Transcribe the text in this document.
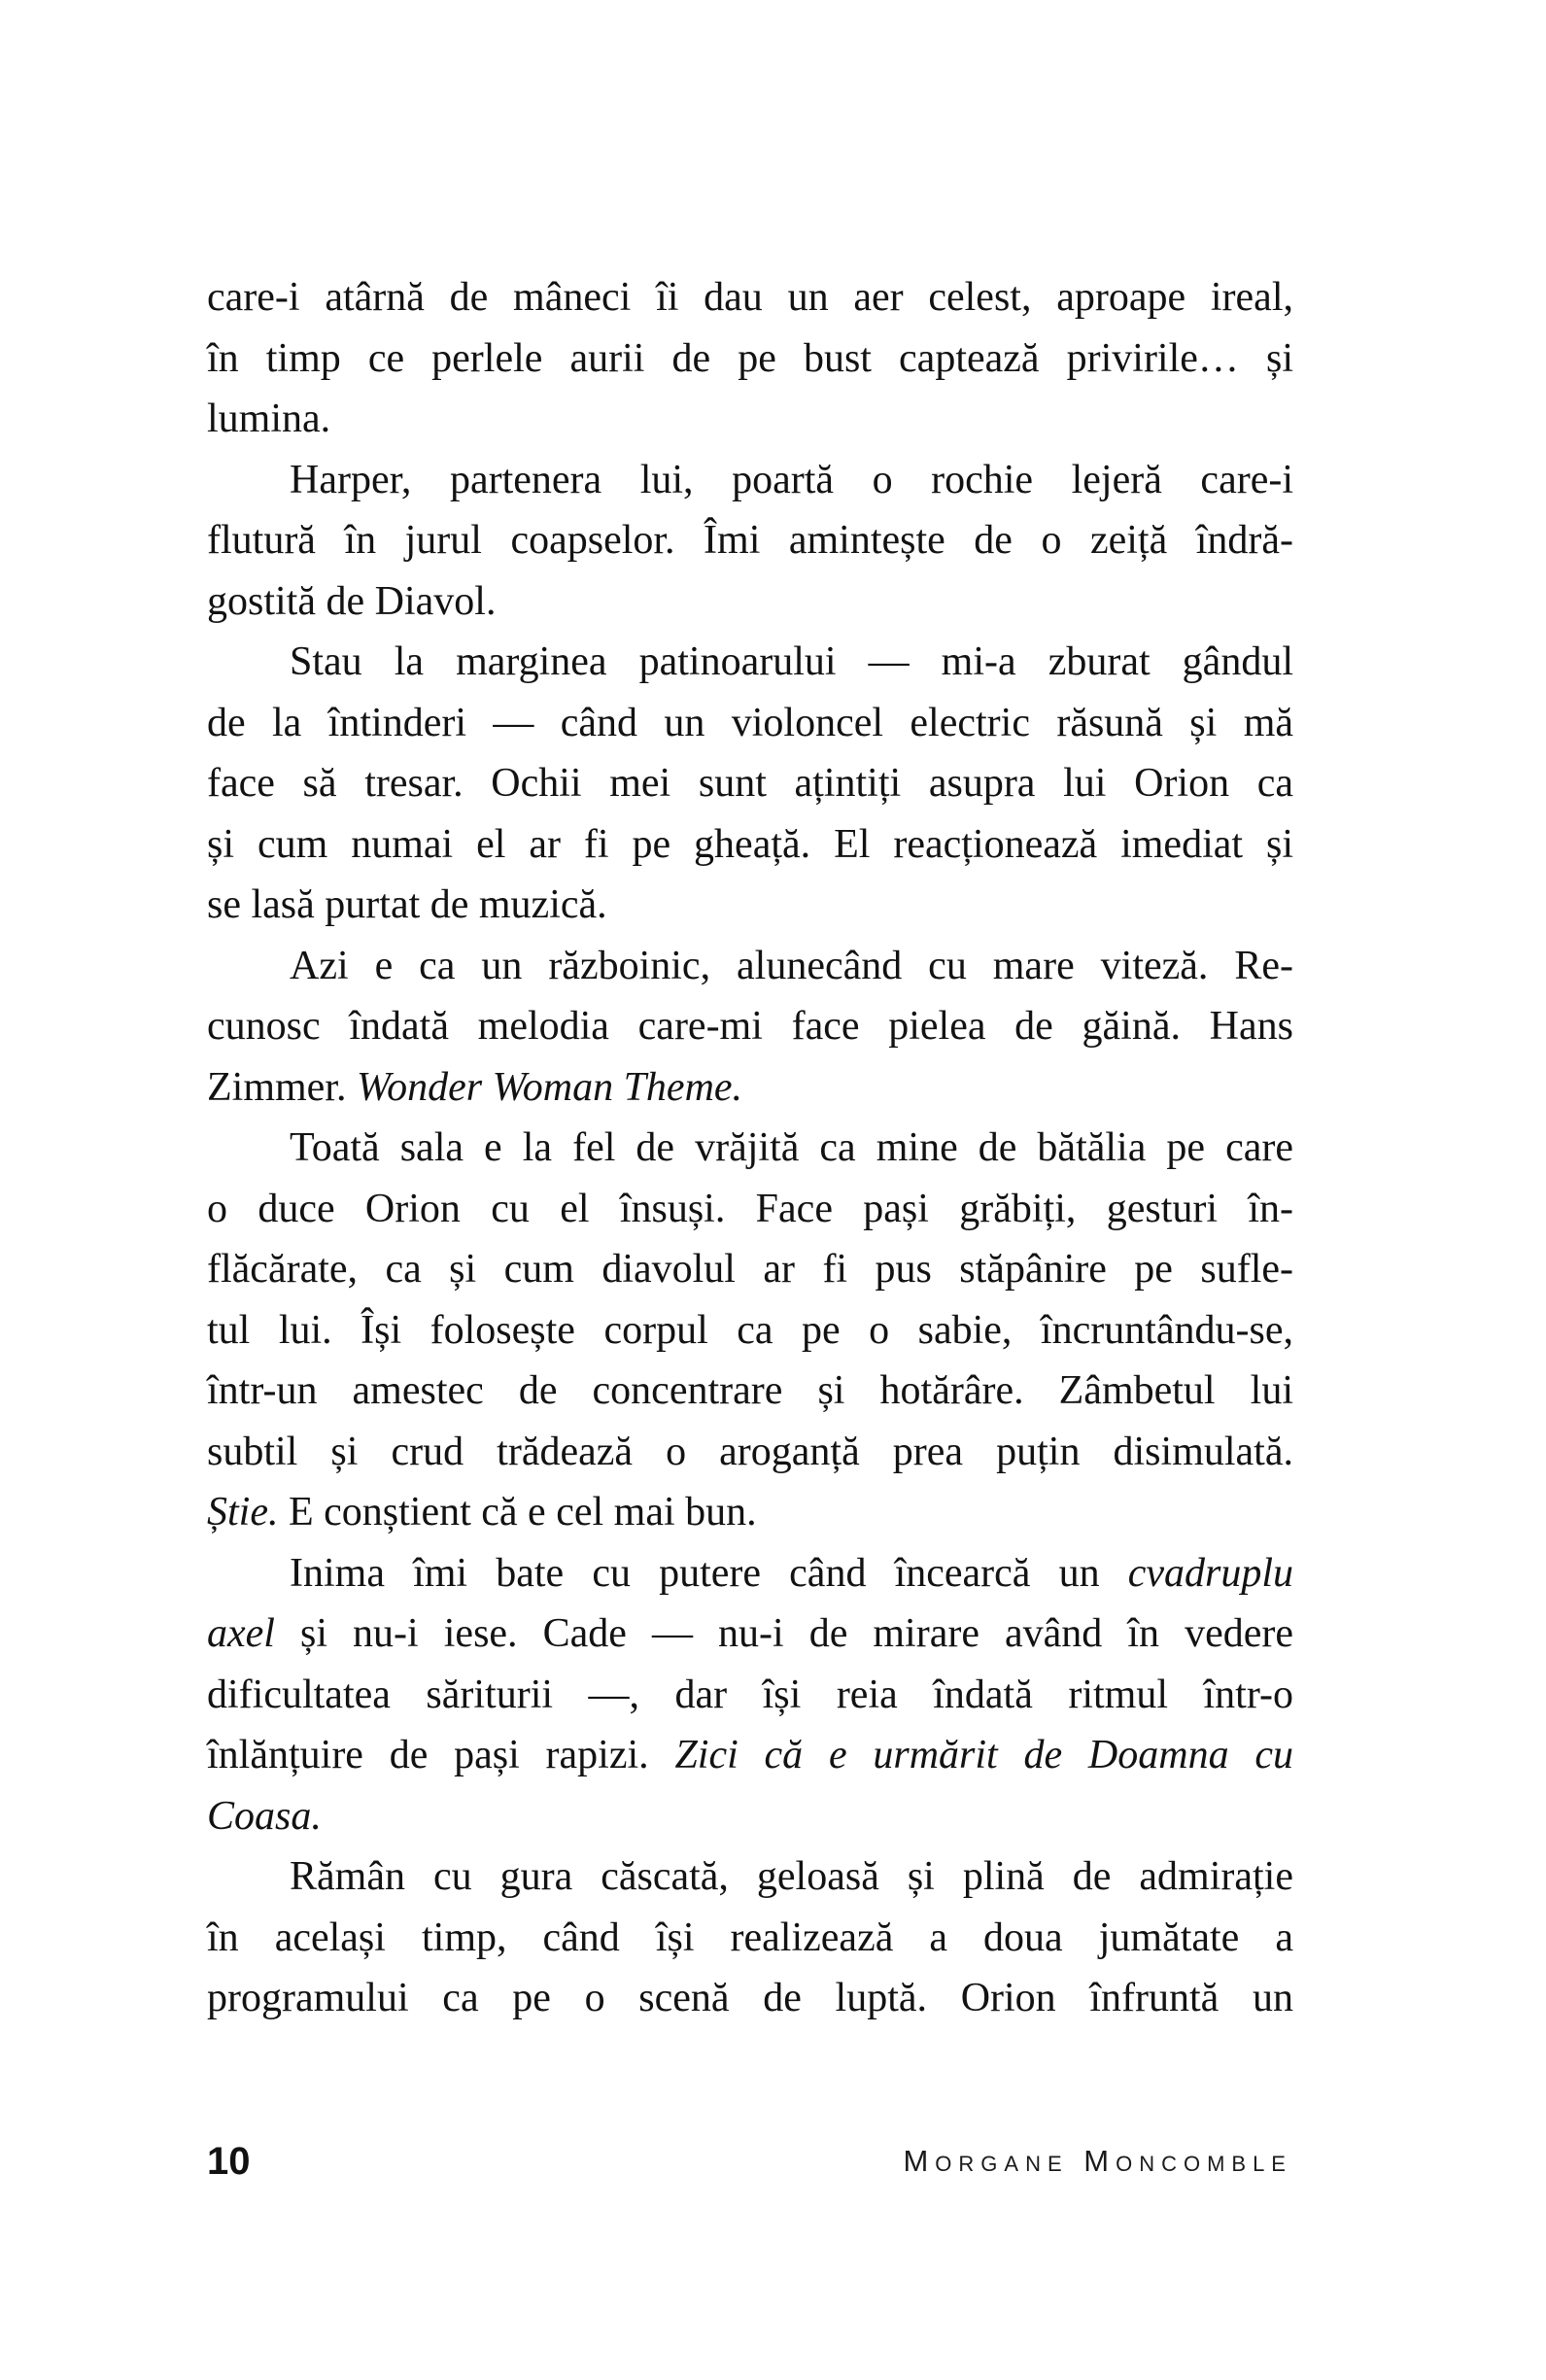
care-i atârnă de mâneci îi dau un aer celest, aproape ireal,
în timp ce perlele aurii de pe bust captează privirile… și
lumina.
Harper, partenera lui, poartă o rochie lejeră care-i
flutură în jurul coapselor. Îmi amintește de o zeiță îndră-
gostită de Diavol.
Stau la marginea patinoarului — mi-a zburat gândul
de la întinderi — când un violoncel electric răsună și mă
face să tresar. Ochii mei sunt ațintiți asupra lui Orion ca
și cum numai el ar fi pe gheață. El reacționează imediat și
se lasă purtat de muzică.
Azi e ca un războinic, alunecând cu mare viteză. Re-
cunosc îndată melodia care-mi face pielea de găină. Hans
Zimmer. Wonder Woman Theme.
Toată sala e la fel de vrăjită ca mine de bătălia pe care
o duce Orion cu el însuși. Face pași grăbiți, gesturi în-
flăcărate, ca și cum diavolul ar fi pus stăpânire pe sufle-
tul lui. Își folosește corpul ca pe o sabie, încruntându-se,
într-un amestec de concentrare și hotărâre. Zâmbetul lui
subtil și crud trădează o aroganță prea puțin disimulată.
Știe. E conștient că e cel mai bun.
Inima îmi bate cu putere când încearcă un cvadruplu
axel și nu-i iese. Cade — nu-i de mirare având în vedere
dificultatea săriturii —, dar își reia îndată ritmul într-o
înlănțuire de pași rapizi. Zici că e urmărit de Doamna cu
Coasa.
Rămân cu gura căscată, geloasă și plină de admirație
în același timp, când își realizează a doua jumătate a
programului ca pe o scenă de luptă. Orion înfruntă un
10	Morgane Moncomble
